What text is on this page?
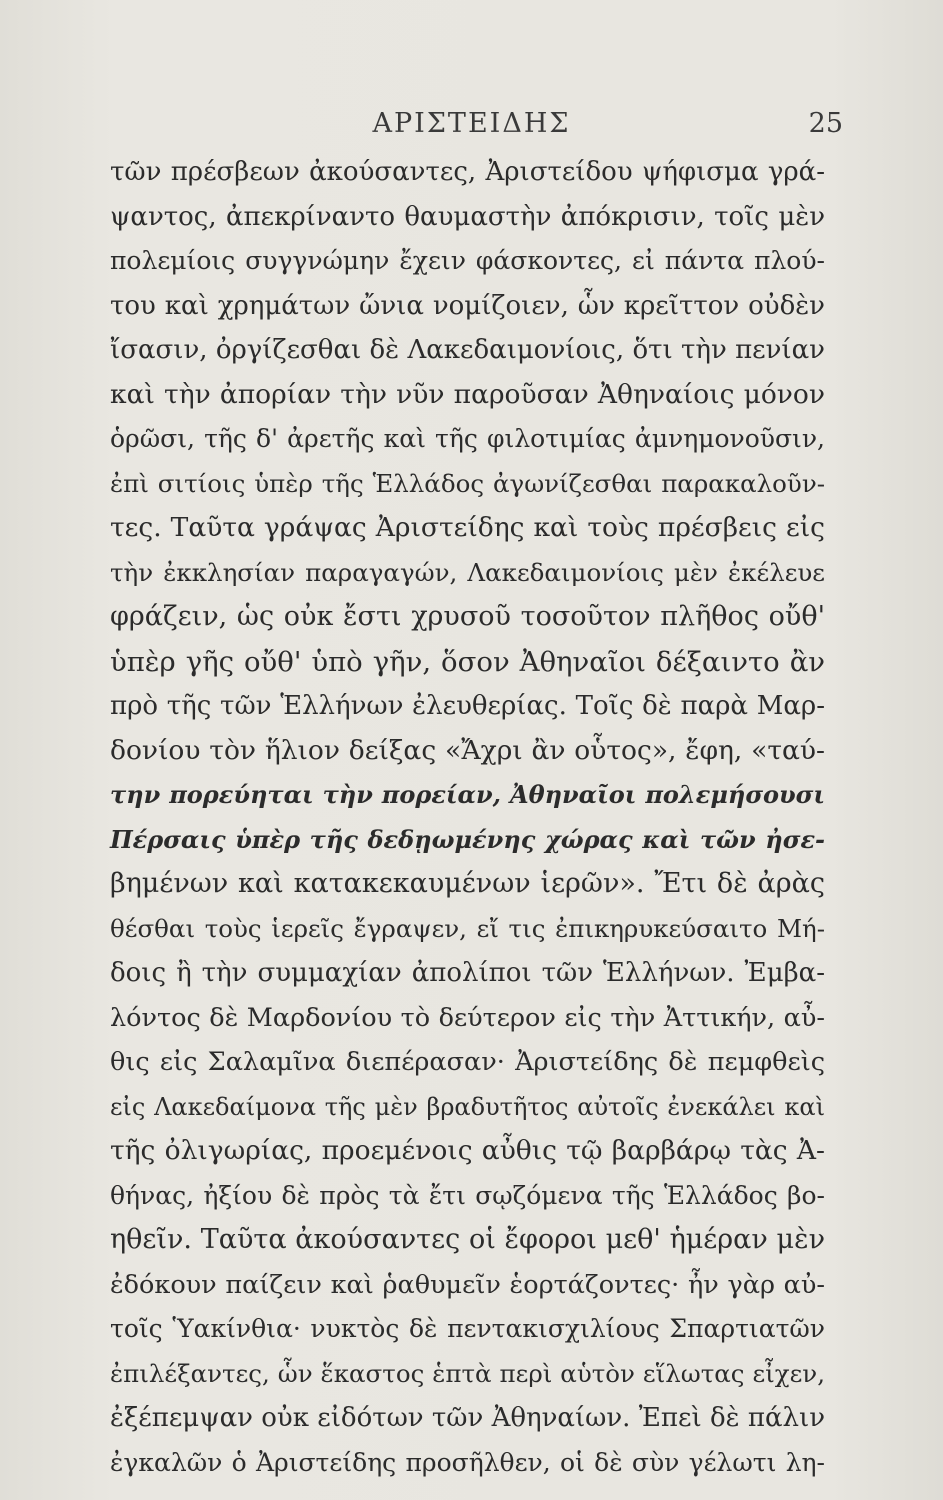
ΑΡΙΣΤΕΙΔΗΣ	25
τῶν πρέσβεων ἀκούσαντες, Ἀριστείδου ψήφισμα γρά-
ψαντος, ἀπεκρίναντο θαυμαστὴν ἀπόκρισιν, τοῖς μὲν
πολεμίοις συγγνώμην ἔχειν φάσκοντες, εἰ πάντα πλού-
του καὶ χρημάτων ὤνια νομίζοιεν, ὧν κρεῖττον οὐδὲν
ἴσασιν, ὀργίζεσθαι δὲ Λακεδαιμονίοις, ὅτι τὴν πενίαν
καὶ τὴν ἀπορίαν τὴν νῦν παροῦσαν Ἀθηναίοις μόνον
ὁρῶσι, τῆς δ' ἀρετῆς καὶ τῆς φιλοτιμίας ἀμνημονοῦσιν,
ἐπὶ σιτίοις ὑπὲρ τῆς Ἑλλάδος ἀγωνίζεσθαι παρακαλοῦν-
τες. Ταῦτα γράψας Ἀριστείδης καὶ τοὺς πρέσβεις εἰς
τὴν ἐκκλησίαν παραγαγών, Λακεδαιμονίοις μὲν ἐκέλευε
φράζειν, ὡς οὐκ ἔστι χρυσοῦ τοσοῦτον πλῆθος οὔθ'
ὑπὲρ γῆς οὔθ' ὑπὸ γῆν, ὅσον Ἀθηναῖοι δέξαιντο ἂν
πρὸ τῆς τῶν Ἑλλήνων ἐλευθερίας. Τοῖς δὲ παρὰ Μαρ-
δονίου τὸν ἥλιον δείξας «Ἄχρι ἂν οὗτος», ἔφη, «ταύ-
την πορεύηται τὴν πορείαν, Ἀθηναῖοι πολεμήσουσι
Πέρσαις ὑπὲρ τῆς δεδῃωμένης χώρας καὶ τῶν ἠσε-
βημένων καὶ κατακεκαυμένων ἱερῶν». Ἔτι δὲ ἀρὰς
θέσθαι τοὺς ἱερεῖς ἔγραψεν, εἴ τις ἐπικηρυκεύσαιτο Μή-
δοις ἢ τὴν συμμαχίαν ἀπολίποι τῶν Ἑλλήνων. Ἐμβα-
λόντος δὲ Μαρδονίου τὸ δεύτερον εἰς τὴν Ἀττικήν, αὖ-
θις εἰς Σαλαμῖνα διεπέρασαν· Ἀριστείδης δὲ πεμφθεὶς
εἰς Λακεδαίμονα τῆς μὲν βραδυτῆτος αὐτοῖς ἐνεκάλει καὶ
τῆς ὀλιγωρίας, προεμένοις αὖθις τῷ βαρβάρῳ τὰς Ἀ-
θήνας, ἠξίου δὲ πρὸς τὰ ἔτι σῳζόμενα τῆς Ἑλλάδος βο-
ηθεῖν. Ταῦτα ἀκούσαντες οἱ ἔφοροι μεθ' ἡμέραν μὲν
ἐδόκουν παίζειν καὶ ῥαθυμεῖν ἑορτάζοντες· ἦν γὰρ αὐ-
τοῖς Ὑακίνθια· νυκτὸς δὲ πεντακισχιλίους Σπαρτιατῶν
ἐπιλέξαντες, ὧν ἕκαστος ἑπτὰ περὶ αὑτὸν εἵλωτας εἶχεν,
ἐξέπεμψαν οὐκ εἰδότων τῶν Ἀθηναίων. Ἐπεὶ δὲ πάλιν
ἐγκαλῶν ὁ Ἀριστείδης προσῆλθεν, οἱ δὲ σὺν γέλωτι λη-
